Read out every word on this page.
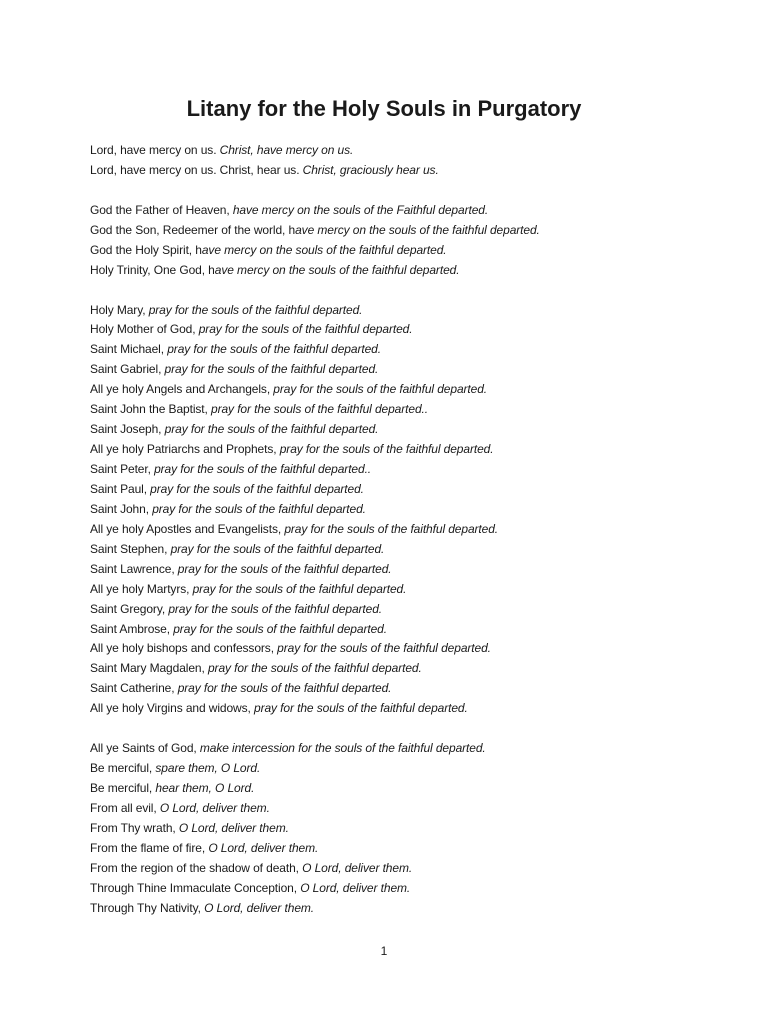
Litany for the Holy Souls in Purgatory
Lord, have mercy on us. Christ, have mercy on us.
Lord, have mercy on us. Christ, hear us. Christ, graciously hear us.
God the Father of Heaven, have mercy on the souls of the Faithful departed.
God the Son, Redeemer of the world, have mercy on the souls of the faithful departed.
God the Holy Spirit, have mercy on the souls of the faithful departed.
Holy Trinity, One God, have mercy on the souls of the faithful departed.
Holy Mary, pray for the souls of the faithful departed.
Holy Mother of God, pray for the souls of the faithful departed.
Saint Michael, pray for the souls of the faithful departed.
Saint Gabriel, pray for the souls of the faithful departed.
All ye holy Angels and Archangels, pray for the souls of the faithful departed.
Saint John the Baptist, pray for the souls of the faithful departed..
Saint Joseph, pray for the souls of the faithful departed.
All ye holy Patriarchs and Prophets, pray for the souls of the faithful departed.
Saint Peter, pray for the souls of the faithful departed..
Saint Paul, pray for the souls of the faithful departed.
Saint John, pray for the souls of the faithful departed.
All ye holy Apostles and Evangelists, pray for the souls of the faithful departed.
Saint Stephen, pray for the souls of the faithful departed.
Saint Lawrence, pray for the souls of the faithful departed.
All ye holy Martyrs, pray for the souls of the faithful departed.
Saint Gregory, pray for the souls of the faithful departed.
Saint Ambrose, pray for the souls of the faithful departed.
All ye holy bishops and confessors, pray for the souls of the faithful departed.
Saint Mary Magdalen, pray for the souls of the faithful departed.
Saint Catherine, pray for the souls of the faithful departed.
All ye holy Virgins and widows, pray for the souls of the faithful departed.
All ye Saints of God, make intercession for the souls of the faithful departed.
Be merciful, spare them, O Lord.
Be merciful, hear them, O Lord.
From all evil, O Lord, deliver them.
From Thy wrath, O Lord, deliver them.
From the flame of fire, O Lord, deliver them.
From the region of the shadow of death, O Lord, deliver them.
Through Thine Immaculate Conception, O Lord, deliver them.
Through Thy Nativity, O Lord, deliver them.
1
